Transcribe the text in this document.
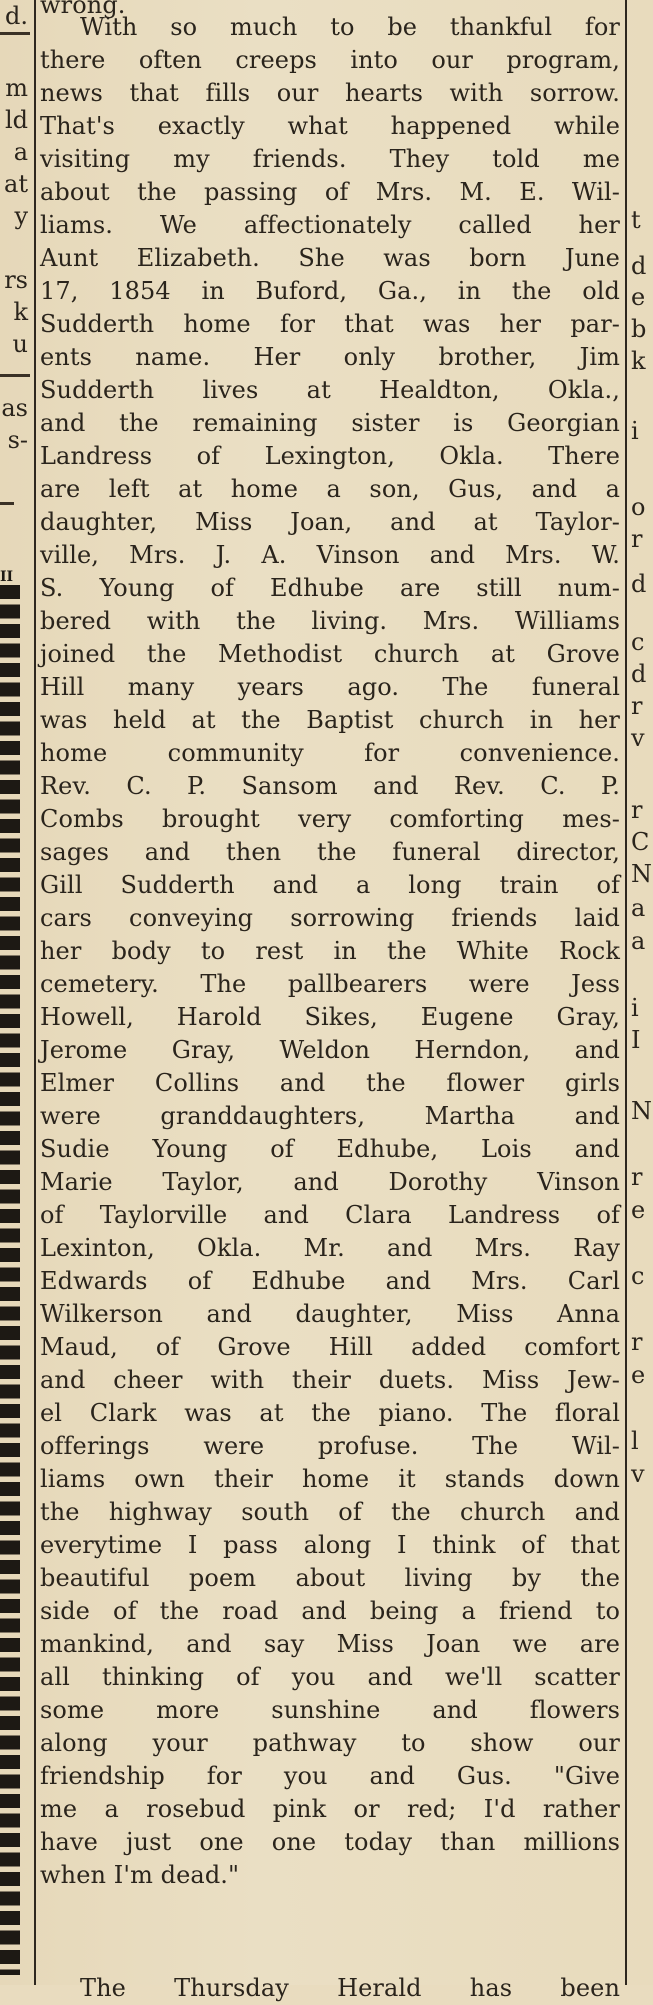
d.
m
ld
a
at
y
rs
k
u
as
s-
II
wrong.
With so much to be thankful for
there often creeps into our program,
news that fills our hearts with sorrow.
That's exactly what happened while
visiting my friends. They told me
about the passing of Mrs. M. E. Wil-
liams. We affectionately called her
Aunt Elizabeth. She was born June
17, 1854 in Buford, Ga., in the old
Sudderth home for that was her par-
ents name. Her only brother, Jim
Sudderth lives at Healdton, Okla.,
and the remaining sister is Georgian
Landress of Lexington, Okla. There
are left at home a son, Gus, and a
daughter, Miss Joan, and at Taylor-
ville, Mrs. J. A. Vinson and Mrs. W.
S. Young of Edhube are still num-
bered with the living. Mrs. Williams
joined the Methodist church at Grove
Hill many years ago. The funeral
was held at the Baptist church in her
home community for convenience.
Rev. C. P. Sansom and Rev. C. P.
Combs brought very comforting mes-
sages and then the funeral director,
Gill Sudderth and a long train of
cars conveying sorrowing friends laid
her body to rest in the White Rock
cemetery. The pallbearers were Jess
Howell, Harold Sikes, Eugene Gray,
Jerome Gray, Weldon Herndon, and
Elmer Collins and the flower girls
were granddaughters, Martha and
Sudie Young of Edhube, Lois and
Marie Taylor, and Dorothy Vinson
of Taylorville and Clara Landress of
Lexinton, Okla. Mr. and Mrs. Ray
Edwards of Edhube and Mrs. Carl
Wilkerson and daughter, Miss Anna
Maud, of Grove Hill added comfort
and cheer with their duets. Miss Jew-
el Clark was at the piano. The floral
offerings were profuse. The Wil-
liams own their home it stands down
the highway south of the church and
everytime I pass along I think of that
beautiful poem about living by the
side of the road and being a friend to
mankind, and say Miss Joan we are
all thinking of you and we'll scatter
some more sunshine and flowers
along your pathway to show our
friendship for you and Gus. "Give
me a rosebud pink or red; I'd rather
have just one one today than millions
when I'm dead."
The Thursday Herald has been
t
d
e
b
k
i
o
r
d
c
d
r
v
r
C
N
a
a
i
I
N
r
e
c
r
e
l
v
